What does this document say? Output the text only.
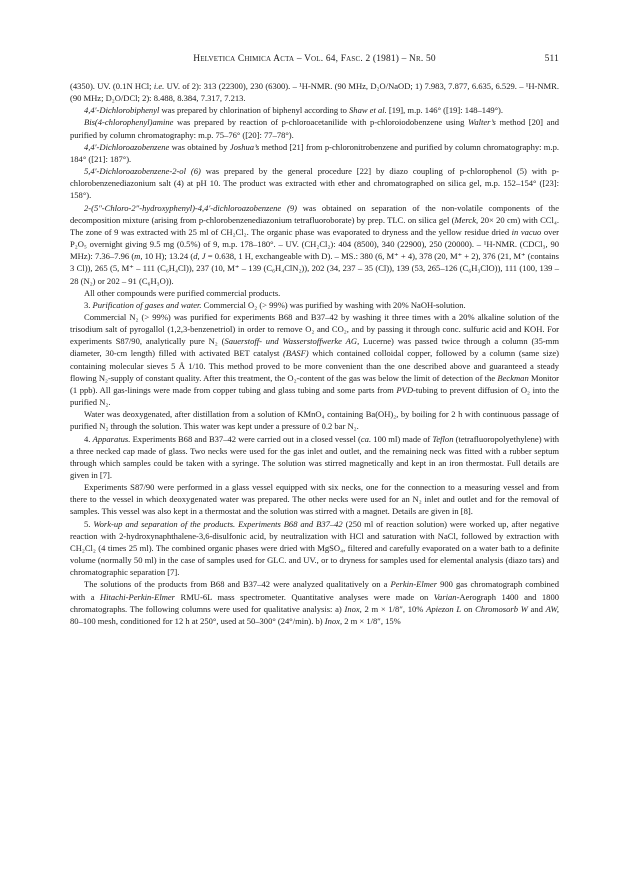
Helvetica Chimica Acta – Vol. 64, Fasc. 2 (1981) – Nr. 50	511

(4350). UV. (0.1N HCl; i.e. UV. of 2): 313 (22300), 230 (6300). – ¹H-NMR. (90 MHz, D₂O/NaOD; 1) 7.983, 7.877, 6.635, 6.529. – ¹H-NMR. (90 MHz; D₂O/DCl; 2): 8.488, 8.384, 7.317, 7.213.

4,4′-Dichlorobiphenyl was prepared by chlorination of biphenyl according to Shaw et al. [19], m.p. 146° ([19]: 148–149°).

Bis(4-chlorophenyl)amine was prepared by reaction of p-chloroacetanilide with p-chloroiodobenzene using Walter’s method [20] and purified by column chromatography: m.p. 75–76° ([20]: 77–78°).

4,4′-Dichloroazobenzene was obtained by Joshua’s method [21] from p-chloronitrobenzene and purified by column chromatography: m.p. 184° ([21]: 187°).

5,4′-Dichloroazobenzene-2-ol (6) was prepared by the general procedure [22] by diazo coupling of p-chlorophenol (5) with p-chlorobenzenediazonium salt (4) at pH 10. The product was extracted with ether and chromatographed on silica gel, m.p. 152–154° ([23]: 158°).

2-(5″-Chloro-2″-hydroxyphenyl)-4,4′-dichloroazobenzene (9) was obtained on separation of the non-volatile components of the decomposition mixture (arising from p-chlorobenzenediazonium tetrafluoroborate) by prep. TLC. on silica gel (Merck, 20× 20 cm) with CCl₄. The zone of 9 was extracted with 25 ml of CH₂Cl₂. The organic phase was evaporated to dryness and the yellow residue dried in vacuo over P₂O₅ overnight giving 9.5 mg (0.5%) of 9, m.p. 178–180°. – UV. (CH₂Cl₂): 404 (8500), 340 (22900), 250 (20000). – ¹H-NMR. (CDCl₃, 90 MHz): 7.36–7.96 (m, 10 H); 13.24 (d, J = 0.638, 1 H, exchangeable with D). – MS.: 380 (6, M⁺ + 4), 378 (20, M⁺ + 2), 376 (21, M⁺ (contains 3 Cl)), 265 (5, M⁺ – 111 (C₆H₄Cl)), 237 (10, M⁺ – 139 (C₆H₄ClN₂)), 202 (34, 237 – 35 (Cl)), 139 (53, 265–126 (C₆H₃ClO)), 111 (100, 139 – 28 (N₂) or 202 – 91 (C₆H₃O)).

All other compounds were purified commercial products.

3. Purification of gases and water. Commercial O₂ (> 99%) was purified by washing with 20% NaOH-solution.

Commercial N₂ (> 99%) was purified for experiments B68 and B37–42 by washing it three times with a 20% alkaline solution of the trisodium salt of pyrogallol (1,2,3-benzenetriol) in order to remove O₂ and CO₂, and by passing it through conc. sulfuric acid and KOH. For experiments S87/90, analytically pure N₂ (Sauerstoff- und Wasserstoffwerke AG, Lucerne) was passed twice through a column (35-mm diameter, 30-cm length) filled with activated BET catalyst (BASF) which contained colloidal copper, followed by a column (same size) containing molecular sieves 5 Å 1/10. This method proved to be more convenient than the one described above and guaranteed a steady flowing N₂-supply of constant quality. After this treatment, the O₂-content of the gas was below the limit of detection of the Beckman Monitor (1 ppb). All gas-linings were made from copper tubing and glass tubing and some parts from PVD-tubing to prevent diffusion of O₂ into the purified N₂.

Water was deoxygenated, after distillation from a solution of KMnO₄ containing Ba(OH)₂, by boiling for 2 h with continuous passage of purified N₂ through the solution. This water was kept under a pressure of 0.2 bar N₂.

4. Apparatus. Experiments B68 and B37–42 were carried out in a closed vessel (ca. 100 ml) made of Teflon (tetrafluoropolyethylene) with a three necked cap made of glass. Two necks were used for the gas inlet and outlet, and the remaining neck was fitted with a rubber septum through which samples could be taken with a syringe. The solution was stirred magnetically and kept in an iron thermostat. Full details are given in [7].

Experiments S87/90 were performed in a glass vessel equipped with six necks, one for the connection to a measuring vessel and from there to the vessel in which deoxygenated water was prepared. The other necks were used for an N₂ inlet and outlet and for the removal of samples. This vessel was also kept in a thermostat and the solution was stirred with a magnet. Details are given in [8].

5. Work-up and separation of the products. Experiments B68 and B37–42 (250 ml of reaction solution) were worked up, after negative reaction with 2-hydroxynaphthalene-3,6-disulfonic acid, by neutralization with HCl and saturation with NaCl, followed by extraction with CH₂Cl₂ (4 times 25 ml). The combined organic phases were dried with MgSO₄, filtered and carefully evaporated on a water bath to a definite volume (normally 50 ml) in the case of samples used for GLC. and UV., or to dryness for samples used for elemental analysis (diazo tars) and chromatographic separation [7].

The solutions of the products from B68 and B37–42 were analyzed qualitatively on a Perkin-Elmer 900 gas chromatograph combined with a Hitachi-Perkin-Elmer RMU-6L mass spectrometer. Quantitative analyses were made on Varian-Aerograph 1400 and 1800 chromatographs. The following columns were used for qualitative analysis: a) Inox, 2 m × 1/8″, 10% Apiezon L on Chromosorb W and AW, 80–100 mesh, conditioned for 12 h at 250°, used at 50–300° (24°/min). b) Inox, 2 m × 1/8″, 15%
